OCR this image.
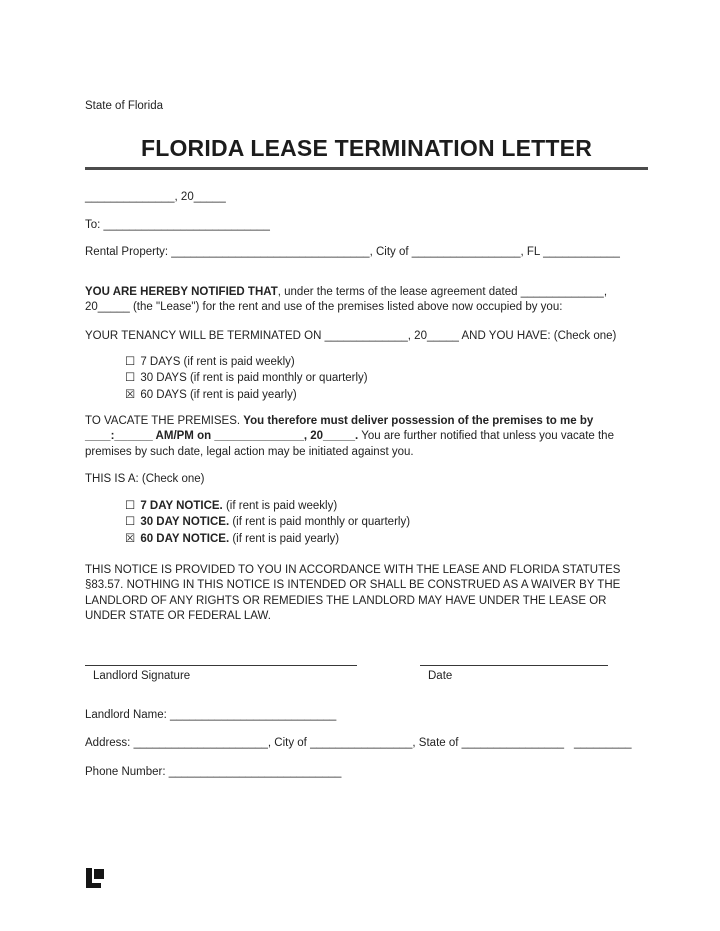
State of Florida

FLORIDA LEASE TERMINATION LETTER

______________, 20_____

To: __________________________

Rental Property: _______________________________, City of _________________, FL ____________

YOU ARE HEREBY NOTIFIED THAT, under the terms of the lease agreement dated _____________,
20_____ (the "Lease") for the rent and use of the premises listed above now occupied by you:

YOUR TENANCY WILL BE TERMINATED ON _____________, 20_____ AND YOU HAVE: (Check one)

☐ 7 DAYS (if rent is paid weekly)
☐ 30 DAYS (if rent is paid monthly or quarterly)
☒ 60 DAYS (if rent is paid yearly)

TO VACATE THE PREMISES. You therefore must deliver possession of the premises to me by
____:______ AM/PM on ______________, 20_____. You are further notified that unless you vacate the premises by such date, legal action may be initiated against you.

THIS IS A: (Check one)

☐ 7 DAY NOTICE. (if rent is paid weekly)
☐ 30 DAY NOTICE. (if rent is paid monthly or quarterly)
☒ 60 DAY NOTICE. (if rent is paid yearly)

THIS NOTICE IS PROVIDED TO YOU IN ACCORDANCE WITH THE LEASE AND FLORIDA STATUTES §83.57. NOTHING IN THIS NOTICE IS INTENDED OR SHALL BE CONSTRUED AS A WAIVER BY THE LANDLORD OF ANY RIGHTS OR REMEDIES THE LANDLORD MAY HAVE UNDER THE LEASE OR UNDER STATE OR FEDERAL LAW.

Landlord Signature	Date

Landlord Name: __________________________

Address: _____________________, City of ________________, State of ________________ _________

Phone Number: ___________________________
